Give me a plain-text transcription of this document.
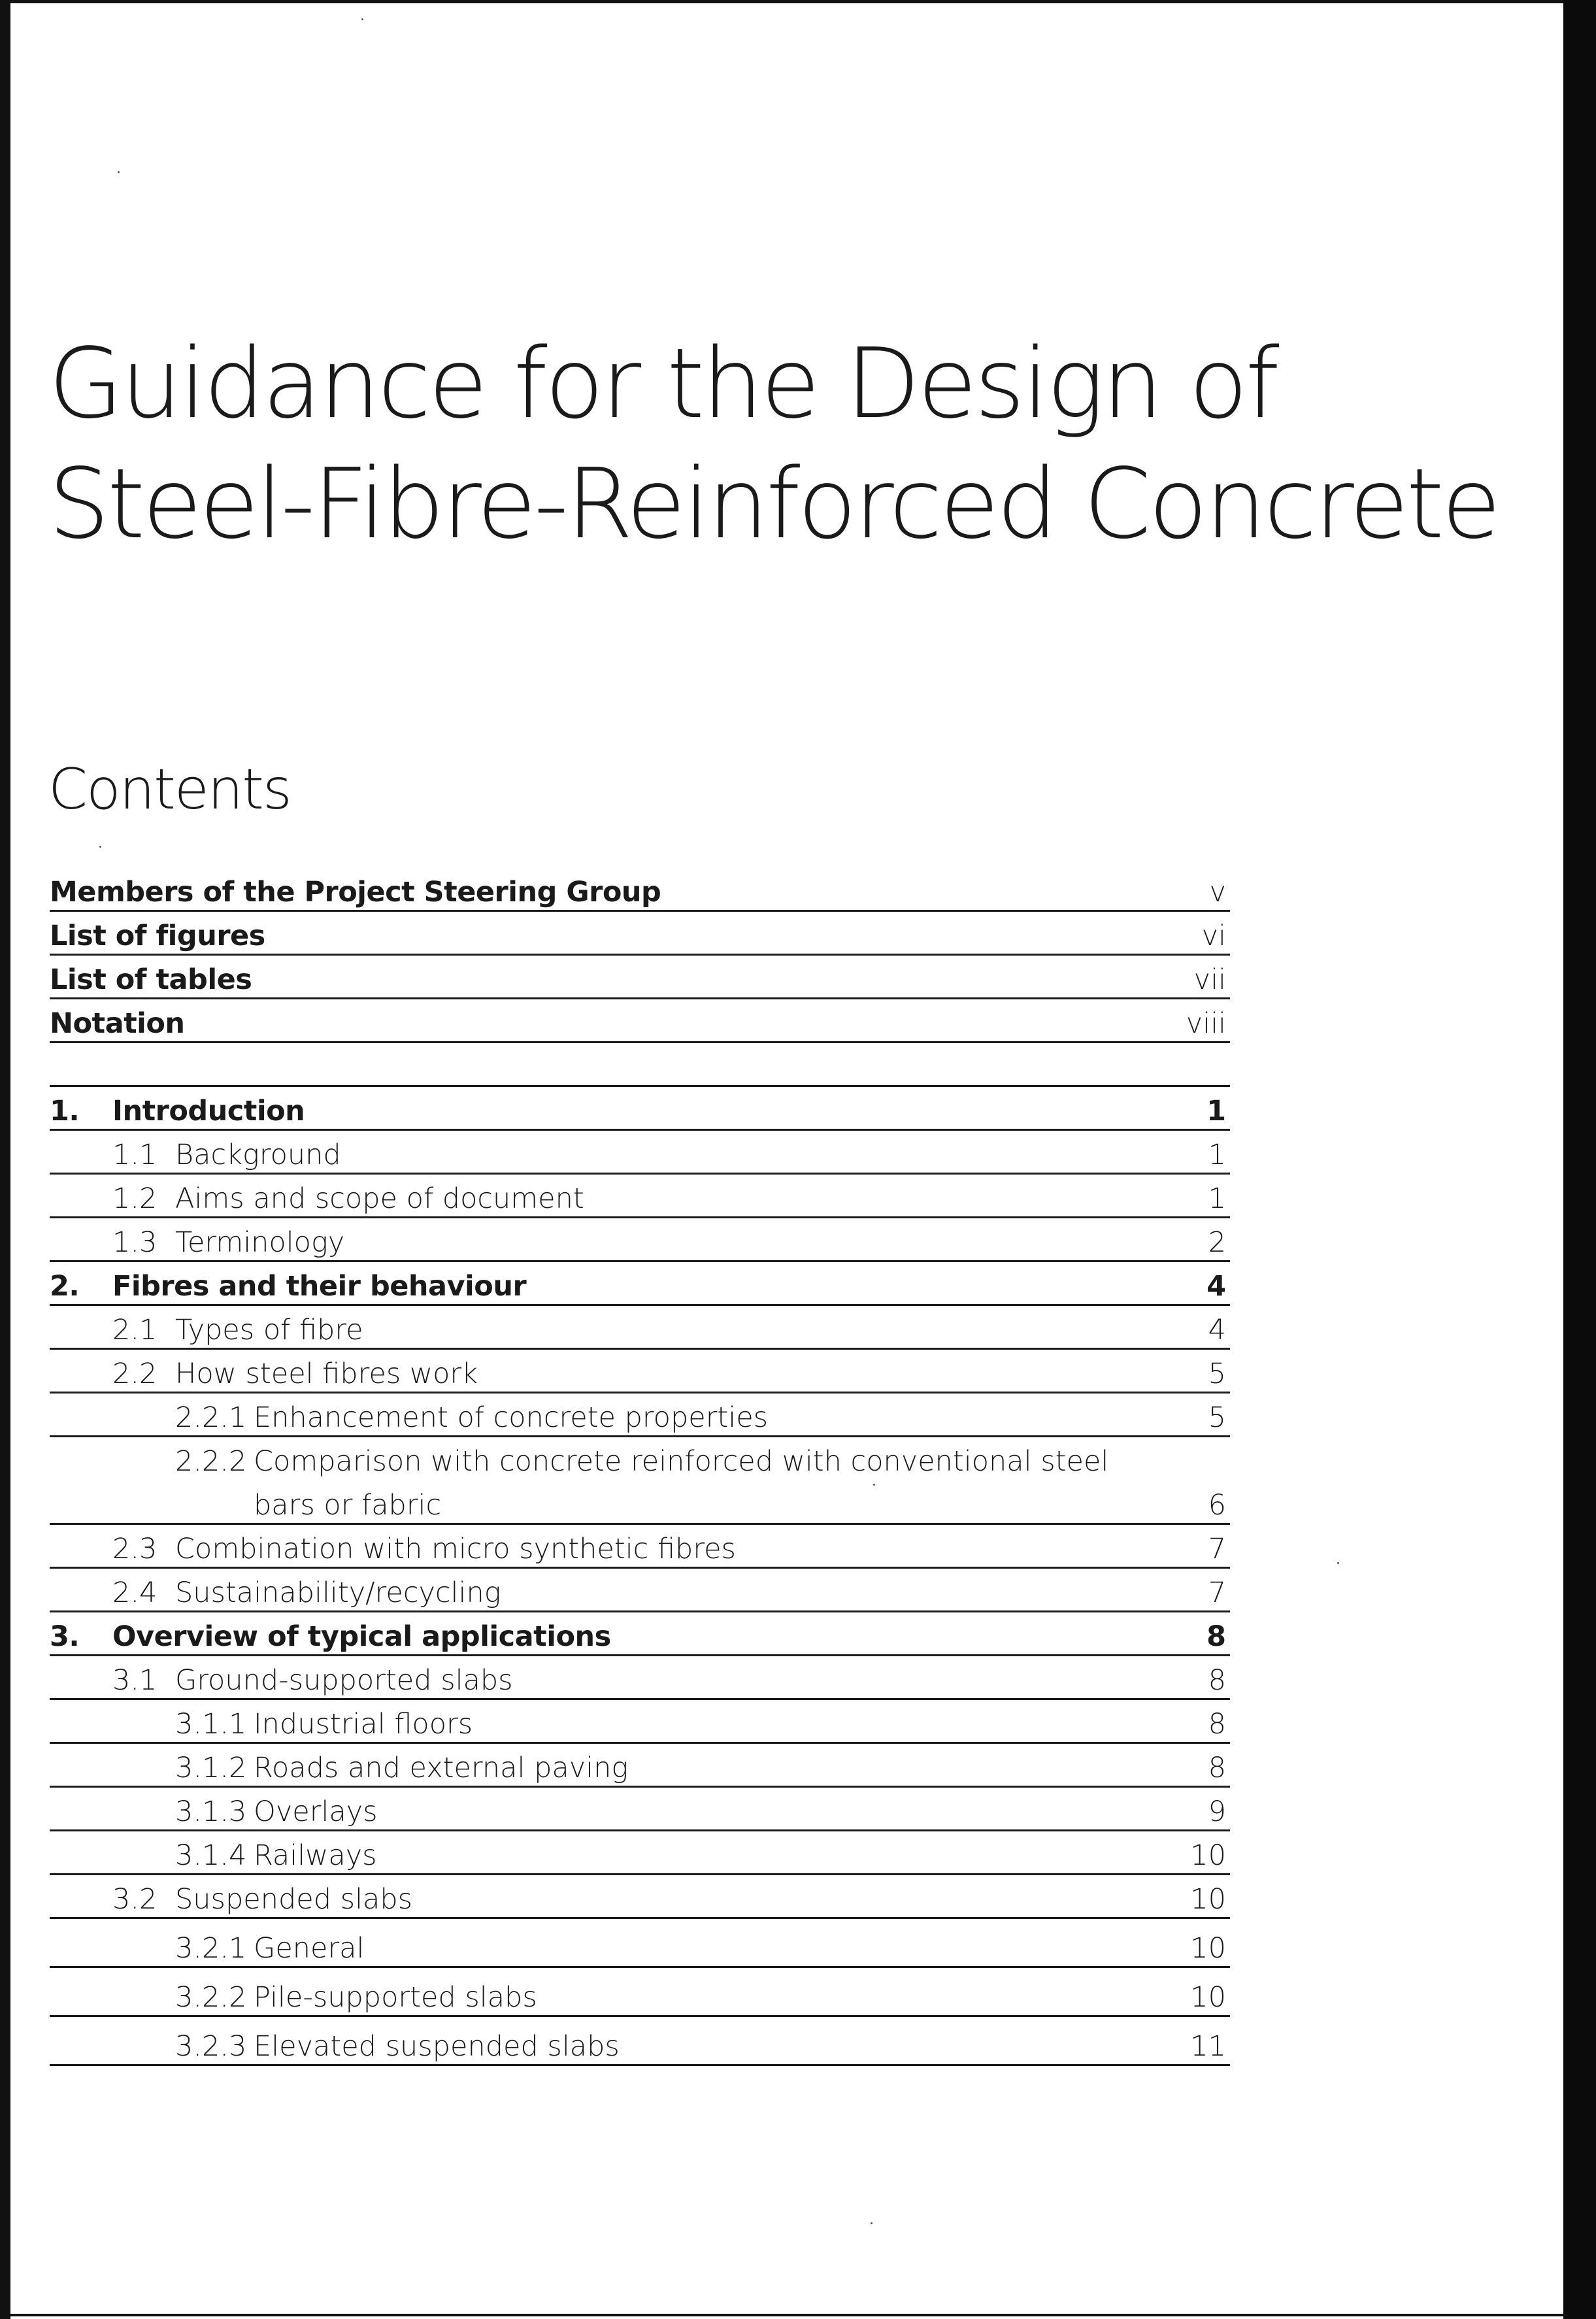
Guidance for the Design of
Steel-Fibre-Reinforced Concrete
Contents
Members of the Project Steering Group	v
List of figures	vi
List of tables	vii
Notation	viii
1. Introduction	1
1.1 Background	1
1.2 Aims and scope of document	1
1.3 Terminology	2
2. Fibres and their behaviour	4
2.1 Types of fibre	4
2.2 How steel fibres work	5
2.2.1 Enhancement of concrete properties	5
2.2.2 Comparison with concrete reinforced with conventional steel
bars or fabric	6
2.3 Combination with micro synthetic fibres	7
2.4 Sustainability/recycling	7
3. Overview of typical applications	8
3.1 Ground-supported slabs	8
3.1.1 Industrial floors	8
3.1.2 Roads and external paving	8
3.1.3 Overlays	9
3.1.4 Railways	10
3.2 Suspended slabs	10
3.2.1 General	10
3.2.2 Pile-supported slabs	10
3.2.3 Elevated suspended slabs	11
